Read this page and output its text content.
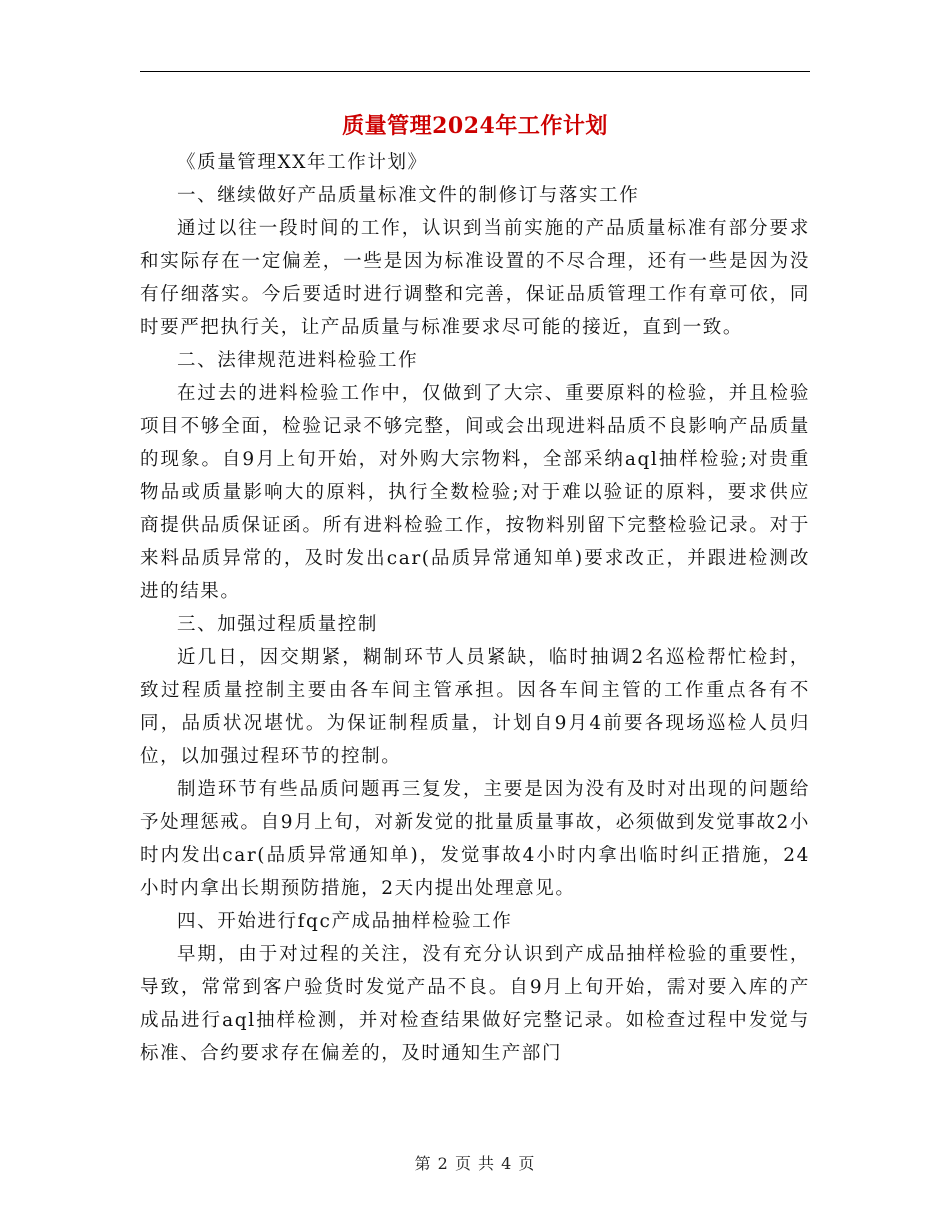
质量管理2024年工作计划

《质量管理XX年工作计划》

一、继续做好产品质量标准文件的制修订与落实工作

通过以往一段时间的工作，认识到当前实施的产品质量标准有部分要求和实际存在一定偏差，一些是因为标准设置的不尽合理，还有一些是因为没有仔细落实。今后要适时进行调整和完善，保证品质管理工作有章可依，同时要严把执行关，让产品质量与标准要求尽可能的接近，直到一致。

二、法律规范进料检验工作

在过去的进料检验工作中，仅做到了大宗、重要原料的检验，并且检验项目不够全面，检验记录不够完整，间或会出现进料品质不良影响产品质量的现象。自9月上旬开始，对外购大宗物料，全部采纳aql抽样检验;对贵重物品或质量影响大的原料，执行全数检验;对于难以验证的原料，要求供应商提供品质保证函。所有进料检验工作，按物料别留下完整检验记录。对于来料品质异常的，及时发出car(品质异常通知单)要求改正，并跟进检测改进的结果。

三、加强过程质量控制

近几日，因交期紧，糊制环节人员紧缺，临时抽调2名巡检帮忙检封，致过程质量控制主要由各车间主管承担。因各车间主管的工作重点各有不同，品质状况堪忧。为保证制程质量，计划自9月4前要各现场巡检人员归位，以加强过程环节的控制。

制造环节有些品质问题再三复发，主要是因为没有及时对出现的问题给予处理惩戒。自9月上旬，对新发觉的批量质量事故，必须做到发觉事故2小时内发出car(品质异常通知单)，发觉事故4小时内拿出临时纠正措施，24小时内拿出长期预防措施，2天内提出处理意见。

四、开始进行fqc产成品抽样检验工作

早期，由于对过程的关注，没有充分认识到产成品抽样检验的重要性，导致，常常到客户验货时发觉产品不良。自9月上旬开始，需对要入库的产成品进行aql抽样检测，并对检查结果做好完整记录。如检查过程中发觉与标准、合约要求存在偏差的，及时通知生产部门

第 2 页 共 4 页
